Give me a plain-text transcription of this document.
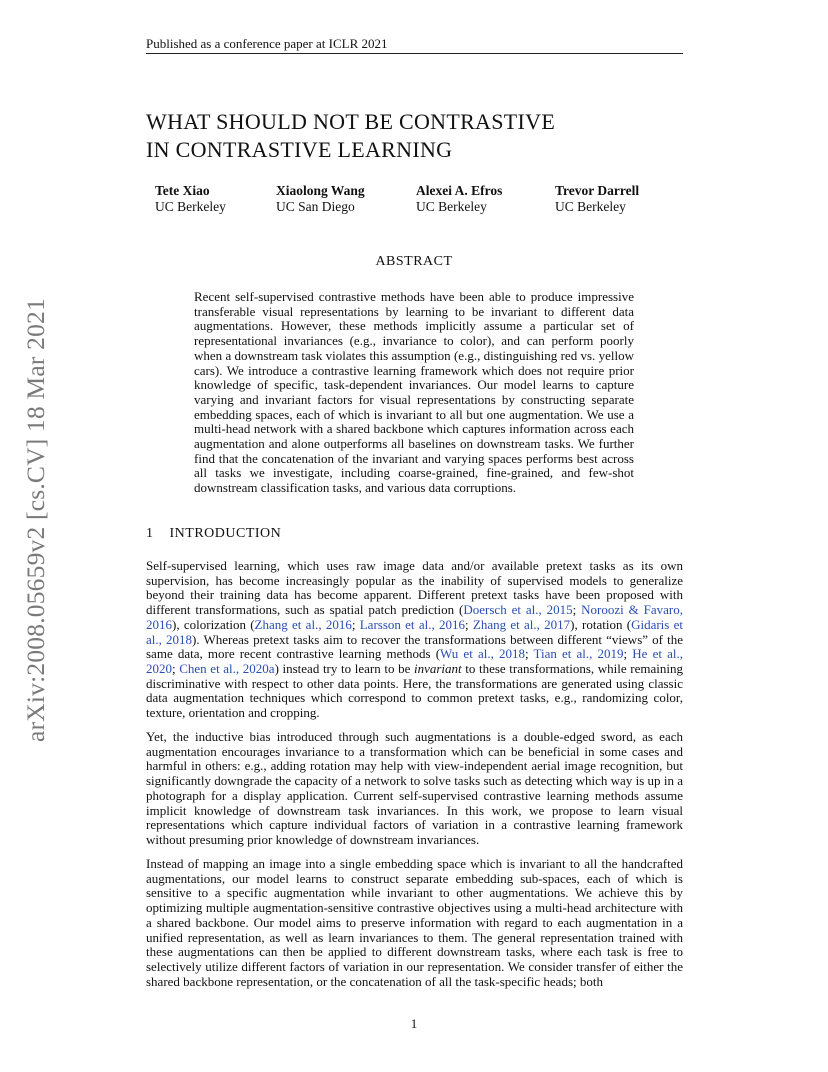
Published as a conference paper at ICLR 2021
arXiv:2008.05659v2 [cs.CV] 18 Mar 2021
WHAT SHOULD NOT BE CONTRASTIVE
IN CONTRASTIVE LEARNING
Tete Xiao
UC Berkeley
Xiaolong Wang
UC San Diego
Alexei A. Efros
UC Berkeley
Trevor Darrell
UC Berkeley
ABSTRACT
Recent self-supervised contrastive methods have been able to produce impressive transferable visual representations by learning to be invariant to different data augmentations. However, these methods implicitly assume a particular set of representational invariances (e.g., invariance to color), and can perform poorly when a downstream task violates this assumption (e.g., distinguishing red vs. yellow cars). We introduce a contrastive learning framework which does not require prior knowledge of specific, task-dependent invariances. Our model learns to capture varying and invariant factors for visual representations by constructing separate embedding spaces, each of which is invariant to all but one augmentation. We use a multi-head network with a shared backbone which captures information across each augmentation and alone outperforms all baselines on downstream tasks. We further find that the concatenation of the invariant and varying spaces performs best across all tasks we investigate, including coarse-grained, fine-grained, and few-shot downstream classification tasks, and various data corruptions.
1 INTRODUCTION

Self-supervised learning, which uses raw image data and/or available pretext tasks as its own supervision, has become increasingly popular as the inability of supervised models to generalize beyond their training data has become apparent. Different pretext tasks have been proposed with different transformations, such as spatial patch prediction (Doersch et al., 2015; Noroozi & Favaro, 2016), colorization (Zhang et al., 2016; Larsson et al., 2016; Zhang et al., 2017), rotation (Gidaris et al., 2018). Whereas pretext tasks aim to recover the transformations between different “views” of the same data, more recent contrastive learning methods (Wu et al., 2018; Tian et al., 2019; He et al., 2020; Chen et al., 2020a) instead try to learn to be invariant to these transformations, while remaining discriminative with respect to other data points. Here, the transformations are generated using classic data augmentation techniques which correspond to common pretext tasks, e.g., randomizing color, texture, orientation and cropping.

Yet, the inductive bias introduced through such augmentations is a double-edged sword, as each augmentation encourages invariance to a transformation which can be beneficial in some cases and harmful in others: e.g., adding rotation may help with view-independent aerial image recognition, but significantly downgrade the capacity of a network to solve tasks such as detecting which way is up in a photograph for a display application. Current self-supervised contrastive learning methods assume implicit knowledge of downstream task invariances. In this work, we propose to learn visual representations which capture individual factors of variation in a contrastive learning framework without presuming prior knowledge of downstream invariances.

Instead of mapping an image into a single embedding space which is invariant to all the handcrafted augmentations, our model learns to construct separate embedding sub-spaces, each of which is sensitive to a specific augmentation while invariant to other augmentations. We achieve this by optimizing multiple augmentation-sensitive contrastive objectives using a multi-head architecture with a shared backbone. Our model aims to preserve information with regard to each augmentation in a unified representation, as well as learn invariances to them. The general representation trained with these augmentations can then be applied to different downstream tasks, where each task is free to selectively utilize different factors of variation in our representation. We consider transfer of either the shared backbone representation, or the concatenation of all the task-specific heads; both

1
